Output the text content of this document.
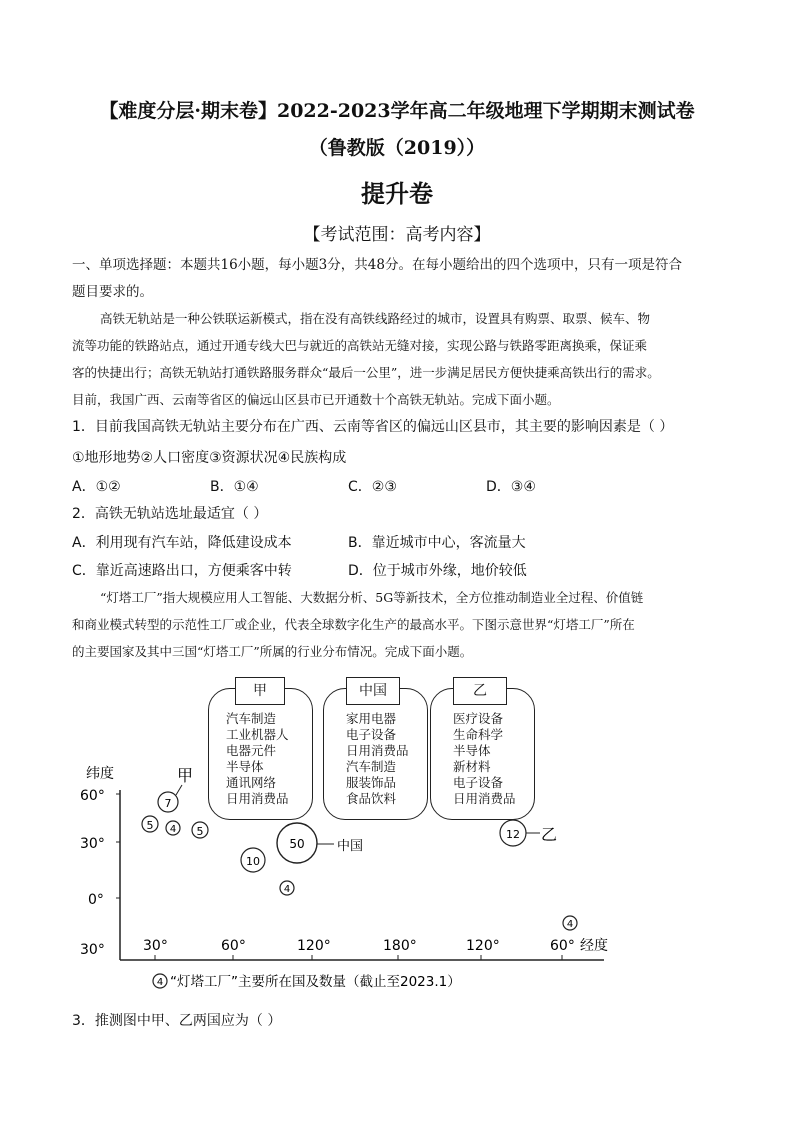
【难度分层·期末卷】2022-2023学年高二年级地理下学期期末测试卷
（鲁教版（2019））
提升卷
【考试范围：高考内容】
一、单项选择题：本题共16小题，每小题3分，共48分。在每小题给出的四个选项中，只有一项是符合
题目要求的。
高铁无轨站是一种公铁联运新模式，指在没有高铁线路经过的城市，设置具有购票、取票、候车、物
流等功能的铁路站点，通过开通专线大巴与就近的高铁站无缝对接，实现公路与铁路零距离换乘，保证乘
客的快捷出行；高铁无轨站打通铁路服务群众“最后一公里”，进一步满足居民方便快捷乘高铁出行的需求。
目前，我国广西、云南等省区的偏远山区县市已开通数十个高铁无轨站。完成下面小题。
1．目前我国高铁无轨站主要分布在广西、云南等省区的偏远山区县市，其主要的影响因素是（ ）
①地形地势②人口密度③资源状况④民族构成
A．①②	B．①④	C．②③	D．③④
2．高铁无轨站选址最适宜（ ）
A．利用现有汽车站，降低建设成本	B．靠近城市中心，客流量大
C．靠近高速路出口，方便乘客中转	D．位于城市外缘，地价较低
“灯塔工厂”指大规模应用人工智能、大数据分析、5G等新技术，全方位推动制造业全过程、价值链
和商业模式转型的示范性工厂或企业，代表全球数字化生产的最高水平。下图示意世界“灯塔工厂”所在
的主要国家及其中三国“灯塔工厂”所属的行业分布情况。完成下面小题。
甲
汽车制造
工业机器人
电器元件
半导体
通讯网络
日用消费品
中国
家用电器
电子设备
日用消费品
汽车制造
服装饰品
食品饮料
乙
医疗设备
生命科学
半导体
新材料
电子设备
日用消费品
纬度
60°
30°
0°
30°	30°	60°	120°	180°	120°	60° 经度
7
甲
5 4 5
50 中国
10
4
12 乙
4
4 “灯塔工厂”主要所在国及数量（截止至2023.1）
3．推测图中甲、乙两国应为（ ）
